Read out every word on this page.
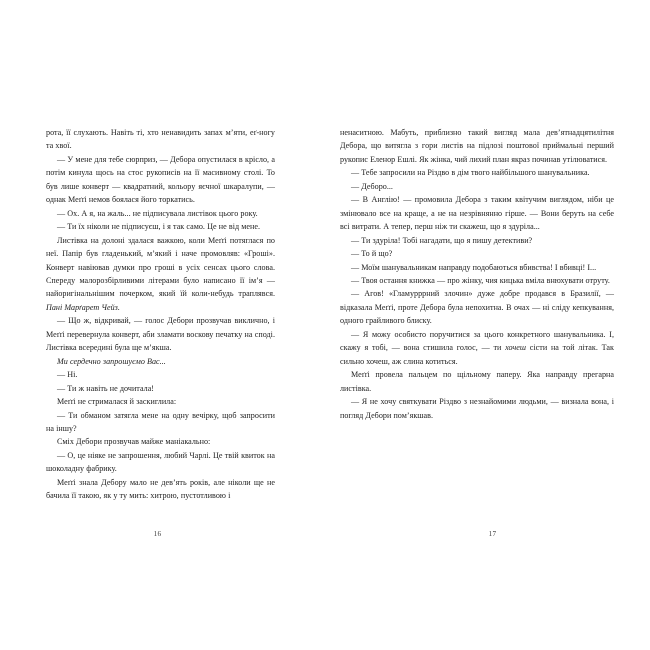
рота, її слухають. Навіть ті, хто ненавидить запах м’яти, еґ-ногу та хвої.

— У мене для тебе сюрприз, — Дебора опустилася в крісло, а потім кинула щось на стос рукописів на її масивному столі. То був лише конверт — квадратний, кольору яєчної шкаралупи, — однак Меґґі немов боялася його торкатись.

— Ох. А я, на жаль... не підписувала листівок цього року.

— Ти їх ніколи не підписуєш, і я так само. Це не від мене.

Листівка на долоні здалася важкою, коли Меґґі потяглася по неї. Папір був гладенький, м’який і наче промовляв: «Гроші». Конверт навіював думки про гроші в усіх сенсах цього слова. Спереду малорозбірливими літерами було написано її ім’я — найоригінальнішим почерком, який їй коли-небудь траплявся. Пані Марґарет Чейз.

— Що ж, відкривай, — голос Дебори прозвучав виклично, і Меґґі перевернула конверт, аби зламати воскову печатку на споді. Листівка всередині була ще м’якша.

Ми сердечно запрошуємо Вас...

— Ні.

— Ти ж навіть не дочитала!

Меґґі не стрималася й заскиглила:

— Ти обманом затягла мене на одну вечірку, щоб запросити на іншу?

Сміх Дебори прозвучав майже маніакально:

— О, це ніяке не запрошення, любий Чарлі. Це твій квиток на шоколадну фабрику.

Меґґі знала Дебору мало не дев’ять років, але ніколи ще не бачила її такою, як у ту мить: хитрою, пустотливою і

16

ненаситною. Мабуть, приблизно такий вигляд мала дев’ятнадцятилітня Дебора, що витягла з гори листів на підлозі поштової приймальні перший рукопис Еленор Ешлі. Як жінка, чий лихий план якраз починав утілюватися.

— Тебе запросили на Різдво в дім твого найбільшого шанувальника.

— Деборо...

— В Англію! — промовила Дебора з таким квітучим виглядом, ніби це змінювало все на краще, а не на незрівнянно гірше. — Вони беруть на себе всі витрати. А тепер, перш ніж ти скажеш, що я здуріла...

— Ти здуріла! Тобі нагадати, що я пишу детективи?

— То й що?

— Моїм шанувальникам направду подобаються вбивства! І вбивці! І...

— Твоя остання книжка — про жінку, чия кицька вміла внюхувати отруту.

— Агов! «Гламурррний злочин» дуже добре продався в Бразилії, — відказала Меґґі, проте Дебора була непохитна. В очах — ні сліду кепкування, одного грайливого блиску.

— Я можу особисто поручитися за цього конкретного шанувальника. І, скажу я тобі, — вона стишила голос, — ти хочеш сісти на той літак. Так сильно хочеш, аж слина котиться.

Меґґі провела пальцем по щільному паперу. Яка направду прегарна листівка.

— Я не хочу святкувати Різдво з незнайомими людьми, — визнала вона, і погляд Дебори пом’якшав.

17
